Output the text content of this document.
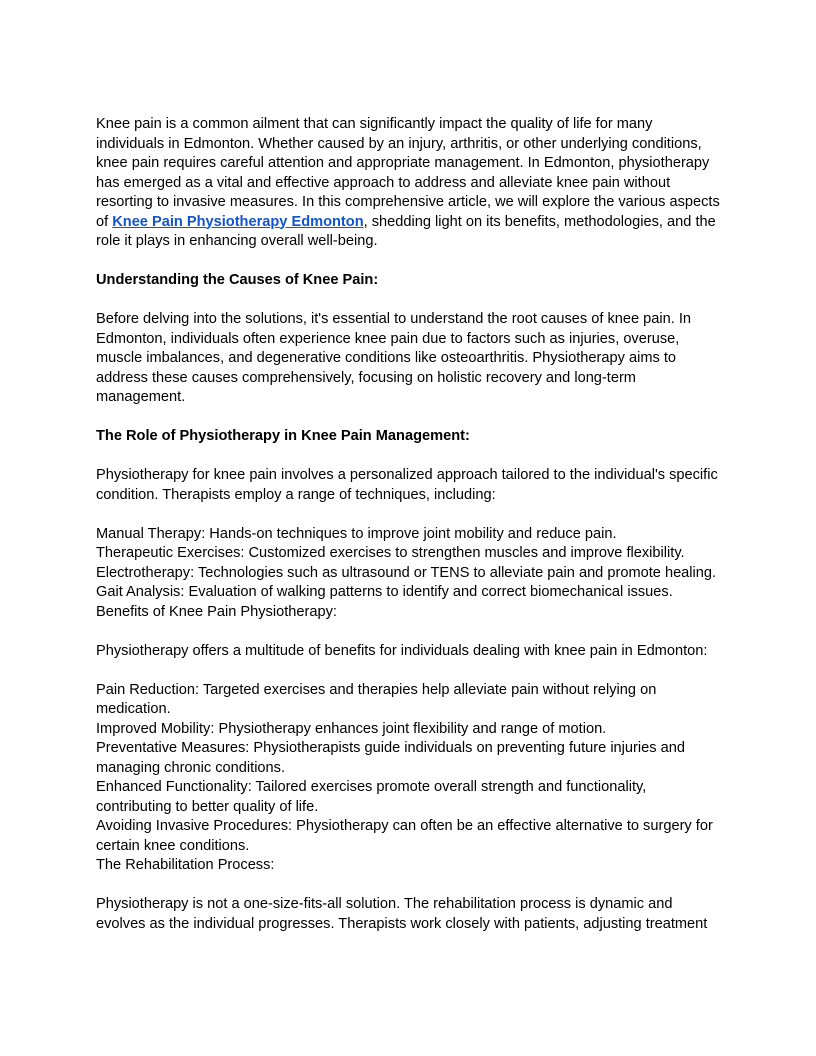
Knee pain is a common ailment that can significantly impact the quality of life for many individuals in Edmonton. Whether caused by an injury, arthritis, or other underlying conditions, knee pain requires careful attention and appropriate management. In Edmonton, physiotherapy has emerged as a vital and effective approach to address and alleviate knee pain without resorting to invasive measures. In this comprehensive article, we will explore the various aspects of Knee Pain Physiotherapy Edmonton, shedding light on its benefits, methodologies, and the role it plays in enhancing overall well-being.

Understanding the Causes of Knee Pain:

Before delving into the solutions, it's essential to understand the root causes of knee pain. In Edmonton, individuals often experience knee pain due to factors such as injuries, overuse, muscle imbalances, and degenerative conditions like osteoarthritis. Physiotherapy aims to address these causes comprehensively, focusing on holistic recovery and long-term management.

The Role of Physiotherapy in Knee Pain Management:

Physiotherapy for knee pain involves a personalized approach tailored to the individual's specific condition. Therapists employ a range of techniques, including:

Manual Therapy: Hands-on techniques to improve joint mobility and reduce pain.

Therapeutic Exercises: Customized exercises to strengthen muscles and improve flexibility.

Electrotherapy: Technologies such as ultrasound or TENS to alleviate pain and promote healing.

Gait Analysis: Evaluation of walking patterns to identify and correct biomechanical issues.

Benefits of Knee Pain Physiotherapy:

Physiotherapy offers a multitude of benefits for individuals dealing with knee pain in Edmonton:

Pain Reduction: Targeted exercises and therapies help alleviate pain without relying on medication.

Improved Mobility: Physiotherapy enhances joint flexibility and range of motion.

Preventative Measures: Physiotherapists guide individuals on preventing future injuries and managing chronic conditions.

Enhanced Functionality: Tailored exercises promote overall strength and functionality, contributing to better quality of life.

Avoiding Invasive Procedures: Physiotherapy can often be an effective alternative to surgery for certain knee conditions.

The Rehabilitation Process:

Physiotherapy is not a one-size-fits-all solution. The rehabilitation process is dynamic and evolves as the individual progresses. Therapists work closely with patients, adjusting treatment
